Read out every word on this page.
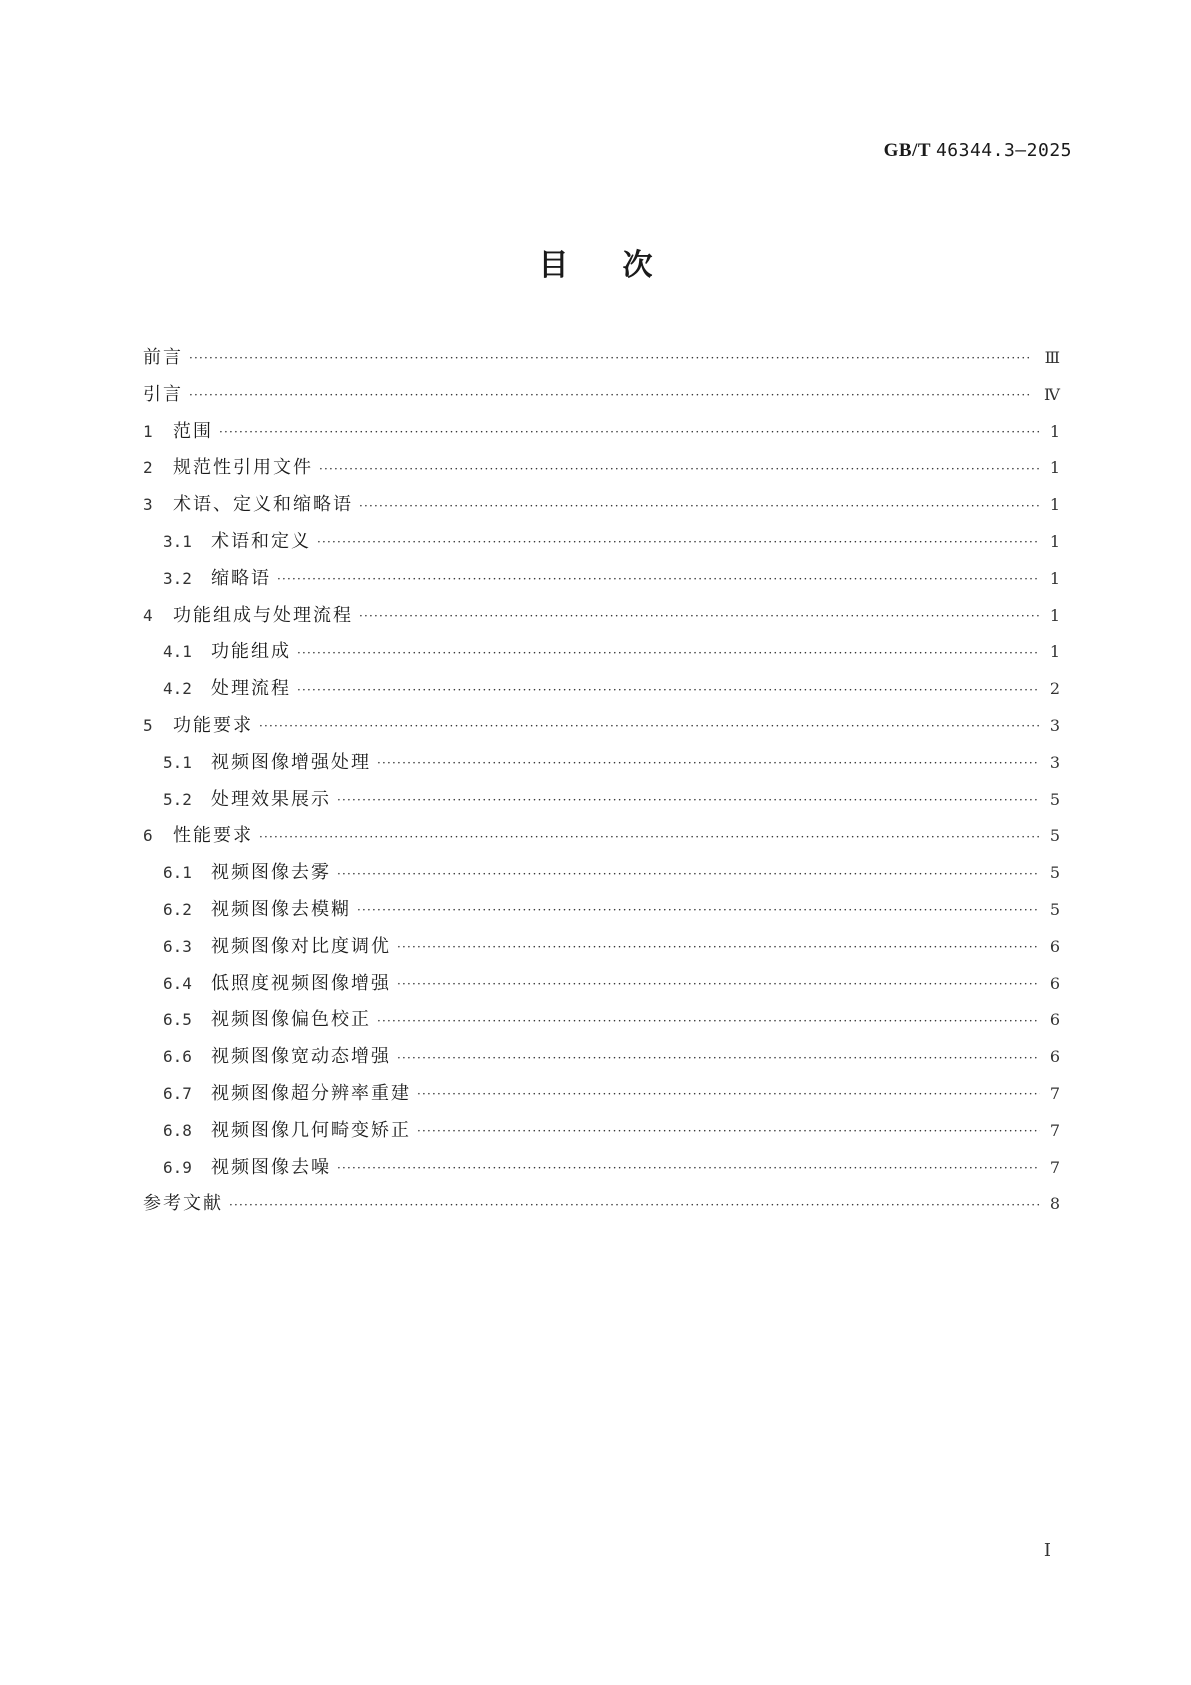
GB/T 46344.3—2025
目次
前言 ·····	Ⅲ
引言 ·····	Ⅳ
1	范围 ·····	1
2	规范性引用文件 ·····	1
3	术语、定义和缩略语 ·····	1
3.1 术语和定义 ·····	1
3.2 缩略语 ·····	1
4	功能组成与处理流程 ·····	1
4.1 功能组成 ·····	1
4.2 处理流程 ·····	2
5	功能要求 ·····	3
5.1 视频图像增强处理 ·····	3
5.2 处理效果展示 ·····	5
6	性能要求 ·····	5
6.1 视频图像去雾 ·····	5
6.2 视频图像去模糊 ·····	5
6.3 视频图像对比度调优 ·····	6
6.4 低照度视频图像增强 ·····	6
6.5 视频图像偏色校正 ·····	6
6.6 视频图像宽动态增强 ·····	6
6.7 视频图像超分辨率重建 ·····	7
6.8 视频图像几何畸变矫正 ·····	7
6.9 视频图像去噪 ·····	7
参考文献 ·····	8
Ⅰ
